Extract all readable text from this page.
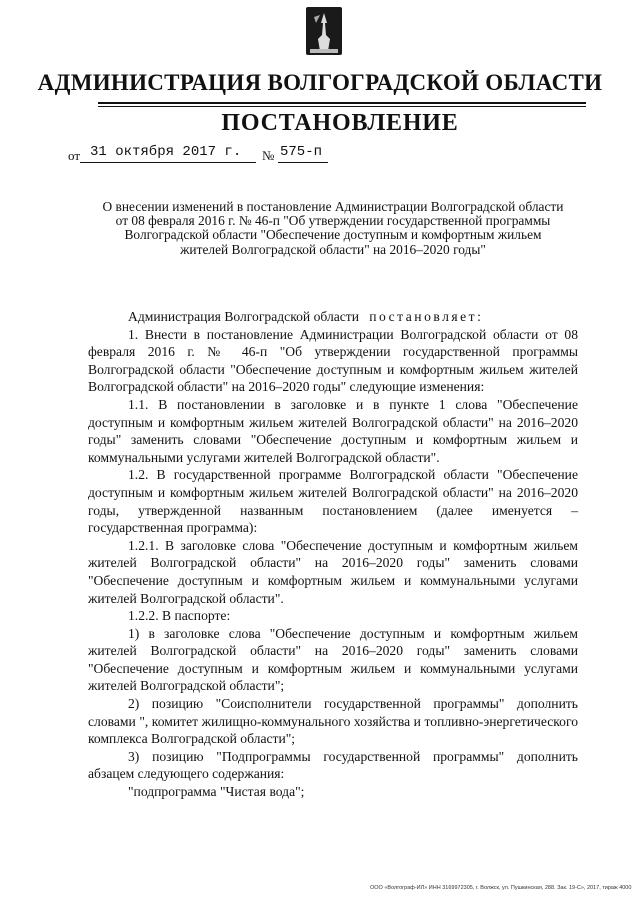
АДМИНИСТРАЦИЯ ВОЛГОГРАДСКОЙ ОБЛАСТИ
ПОСТАНОВЛЕНИЕ
от 31 октября 2017 г. № 575-п
О внесении изменений в постановление Администрации Волгоградской области
от 08 февраля 2016 г. № 46-п "Об утверждении государственной программы
Волгоградской области "Обеспечение доступным и комфортным жильем
жителей Волгоградской области" на 2016–2020 годы"

Администрация Волгоградской области постановляет:

1. Внести в постановление Администрации Волгоградской области от 08 февраля 2016 г. № 46-п "Об утверждении государственной программы Волгоградской области "Обеспечение доступным и комфортным жильем жителей Волгоградской области" на 2016–2020 годы" следующие изменения:

1.1. В постановлении в заголовке и в пункте 1 слова "Обеспечение доступным и комфортным жильем жителей Волгоградской области" на 2016–2020 годы" заменить словами "Обеспечение доступным и комфортным жильем и коммунальными услугами жителей Волгоградской области".

1.2. В государственной программе Волгоградской области "Обеспечение доступным и комфортным жильем жителей Волгоградской области" на 2016–2020 годы, утвержденной названным постановлением (далее именуется – государственная программа):

1.2.1. В заголовке слова "Обеспечение доступным и комфортным жильем жителей Волгоградской области" на 2016–2020 годы" заменить словами "Обеспечение доступным и комфортным жильем и коммунальными услугами жителей Волгоградской области".

1.2.2. В паспорте:

1) в заголовке слова "Обеспечение доступным и комфортным жильем жителей Волгоградской области" на 2016–2020 годы" заменить словами "Обеспечение доступным и комфортным жильем и коммунальными услугами жителей Волгоградской области";

2) позицию "Соисполнители государственной программы" дополнить словами ", комитет жилищно-коммунального хозяйства и топливно-энергетического комплекса Волгоградской области";

3) позицию "Подпрограммы государственной программы" дополнить абзацем следующего содержания:

"подпрограмма "Чистая вода";

ООО «Волгограф-ИЛ» ИНН 3169972305, г. Волжск, ул. Пушкинская, 288. Зак. 19-С», 2017, тираж 4000
